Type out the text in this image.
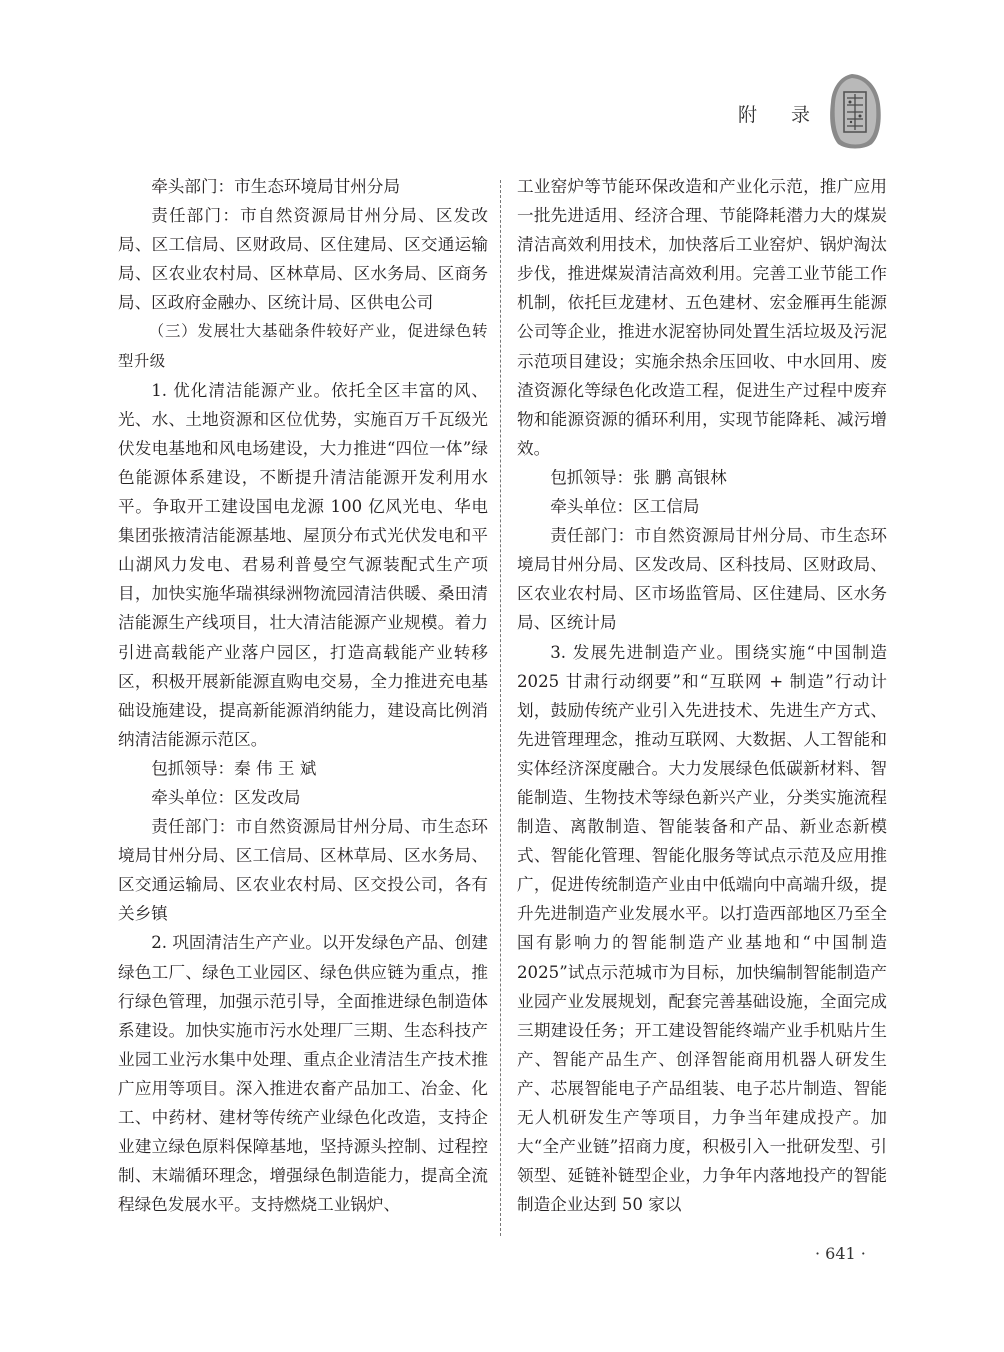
附 录

牵头部门：市生态环境局甘州分局

责任部门：市自然资源局甘州分局、区发改局、区工信局、区财政局、区住建局、区交通运输局、区农业农村局、区林草局、区水务局、区商务局、区政府金融办、区统计局、区供电公司

（三）发展壮大基础条件较好产业，促进绿色转型升级

1. 优化清洁能源产业。依托全区丰富的风、光、水、土地资源和区位优势，实施百万千瓦级光伏发电基地和风电场建设，大力推进“四位一体”绿色能源体系建设，不断提升清洁能源开发利用水平。争取开工建设国电龙源 100 亿风光电、华电集团张掖清洁能源基地、屋顶分布式光伏发电和平山湖风力发电、君易利普曼空气源装配式生产项目，加快实施华瑞祺绿洲物流园清洁供暖、桑田清洁能源生产线项目，壮大清洁能源产业规模。着力引进高载能产业落户园区，打造高载能产业转移区，积极开展新能源直购电交易，全力推进充电基础设施建设，提高新能源消纳能力，建设高比例消纳清洁能源示范区。

包抓领导：秦 伟 王 斌

牵头单位：区发改局

责任部门：市自然资源局甘州分局、市生态环境局甘州分局、区工信局、区林草局、区水务局、区交通运输局、区农业农村局、区交投公司，各有关乡镇

2. 巩固清洁生产产业。以开发绿色产品、创建绿色工厂、绿色工业园区、绿色供应链为重点，推行绿色管理，加强示范引导，全面推进绿色制造体系建设。加快实施市污水处理厂三期、生态科技产业园工业污水集中处理、重点企业清洁生产技术推广应用等项目。深入推进农畜产品加工、冶金、化工、中药材、建材等传统产业绿色化改造，支持企业建立绿色原料保障基地，坚持源头控制、过程控制、末端循环理念，增强绿色制造能力，提高全流程绿色发展水平。支持燃烧工业锅炉、

工业窑炉等节能环保改造和产业化示范，推广应用一批先进适用、经济合理、节能降耗潜力大的煤炭清洁高效利用技术，加快落后工业窑炉、锅炉淘汰步伐，推进煤炭清洁高效利用。完善工业节能工作机制，依托巨龙建材、五色建材、宏金雁再生能源公司等企业，推进水泥窑协同处置生活垃圾及污泥示范项目建设；实施余热余压回收、中水回用、废渣资源化等绿色化改造工程，促进生产过程中废弃物和能源资源的循环利用，实现节能降耗、减污增效。

包抓领导：张 鹏 高银林

牵头单位：区工信局

责任部门：市自然资源局甘州分局、市生态环境局甘州分局、区发改局、区科技局、区财政局、区农业农村局、区市场监管局、区住建局、区水务局、区统计局

3. 发展先进制造产业。围绕实施“中国制造2025 甘肃行动纲要”和“互联网 + 制造”行动计划，鼓励传统产业引入先进技术、先进生产方式、先进管理理念，推动互联网、大数据、人工智能和实体经济深度融合。大力发展绿色低碳新材料、智能制造、生物技术等绿色新兴产业，分类实施流程制造、离散制造、智能装备和产品、新业态新模式、智能化管理、智能化服务等试点示范及应用推广，促进传统制造产业由中低端向中高端升级，提升先进制造产业发展水平。以打造西部地区乃至全国有影响力的智能制造产业基地和“中国制造 2025”试点示范城市为目标，加快编制智能制造产业园产业发展规划，配套完善基础设施，全面完成三期建设任务；开工建设智能终端产业手机贴片生产、智能产品生产、创泽智能商用机器人研发生产、芯展智能电子产品组装、电子芯片制造、智能无人机研发生产等项目，力争当年建成投产。加大“全产业链”招商力度，积极引入一批研发型、引领型、延链补链型企业，力争年内落地投产的智能制造企业达到 50 家以

· 641 ·
